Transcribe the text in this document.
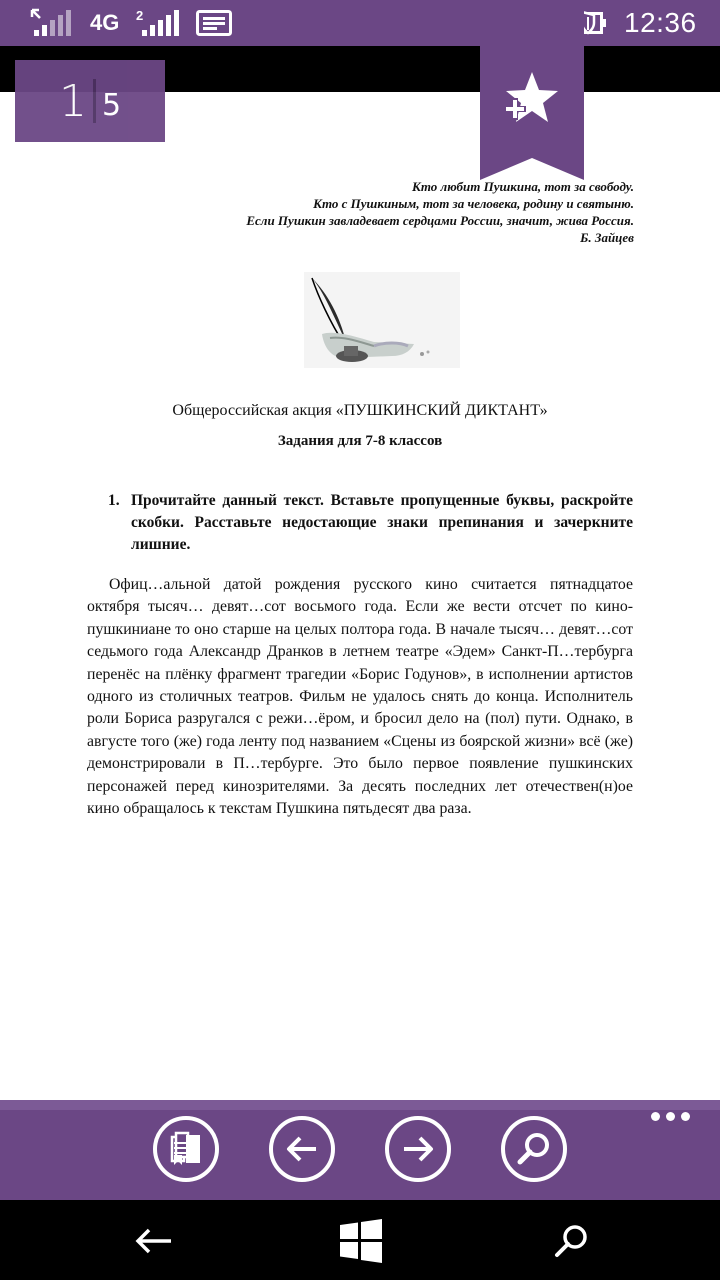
4G 2	12:36
Кто любит Пушкина, тот за свободу.
Кто с Пушкиным, тот за человека, родину и святыню.
Если Пушкин завладевает сердцами России, значит, жива Россия.
Б. Зайцев
Общероссийская акция «ПУШКИНСКИЙ ДИКТАНТ»
Задания для 7-8 классов
1. Прочитайте данный текст. Вставьте пропущенные буквы, раскройте скобки. Расставьте недостающие знаки препинания и зачеркните лишние.
Офиц…альной датой рождения русского кино считается пятнадцатое октября тысяч… девят…сот восьмого года. Если же вести отсчет по кино-пушкиниане то оно старше на целых полтора года. В начале тысяч… девят…сот седьмого года Александр Дранков в летнем театре «Эдем» Санкт-П…тербурга перенёс на плёнку фрагмент трагедии «Борис Годунов», в исполнении артистов одного из столичных театров. Фильм не удалось снять до конца. Исполнитель роли Бориса разругался с режи…ёром, и бросил дело на (пол) пути. Однако, в августе того (же) года ленту под названием «Сцены из боярской жизни» всё (же) демонстрировали в П…тербурге. Это было первое появление пушкинских персонажей перед кинозрителями. За десять последних лет отечествен(н)ое кино обращалось к текстам Пушкина пятьдесят два раза.
1 5
